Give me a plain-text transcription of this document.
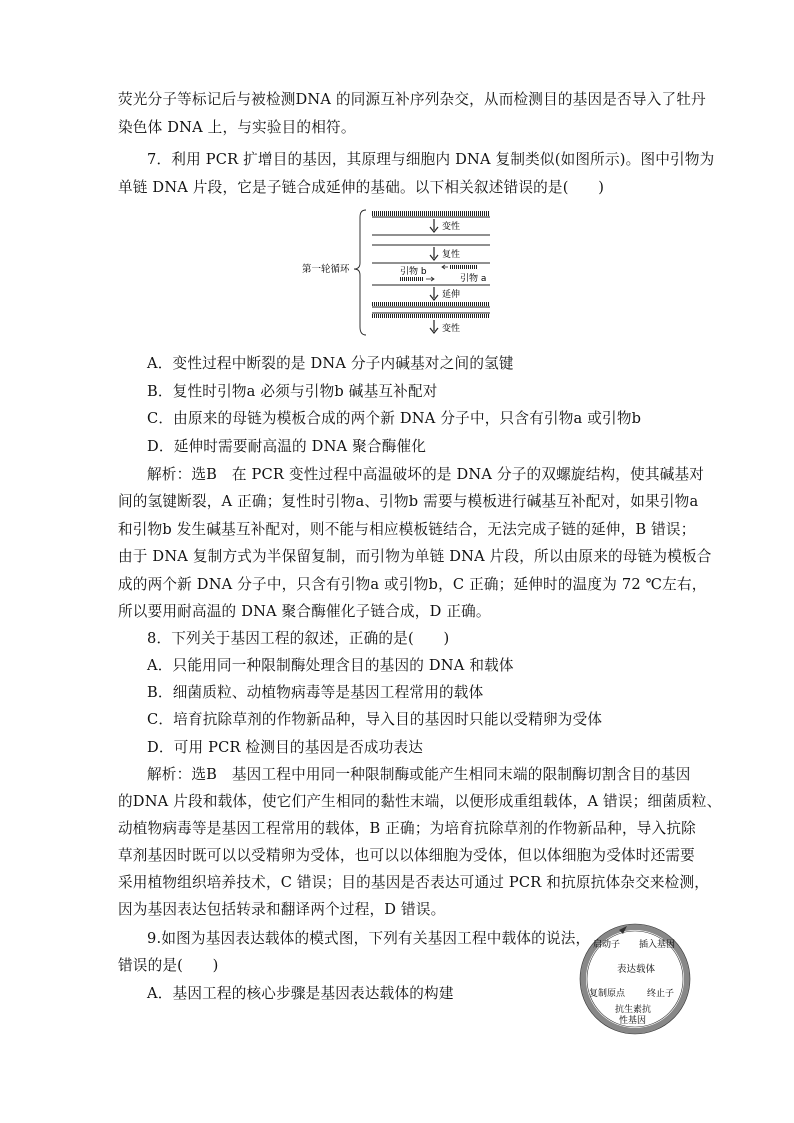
荧光分子等标记后与被检测DNA 的同源互补序列杂交，从而检测目的基因是否导入了牡丹
染色体 DNA 上，与实验目的相符。
7．利用 PCR 扩增目的基因，其原理与细胞内 DNA 复制类似(如图所示)。图中引物为
单链 DNA 片段，它是子链合成延伸的基础。以下相关叙述错误的是(　　)
第一轮循环
变性
复性
引物 b
引物 a
延伸
变性
A．变性过程中断裂的是 DNA 分子内碱基对之间的氢键
B．复性时引物a 必须与引物b 碱基互补配对
C．由原来的母链为模板合成的两个新 DNA 分子中，只含有引物a 或引物b
D．延伸时需要耐高温的 DNA 聚合酶催化
解析：选B　在 PCR 变性过程中高温破坏的是 DNA 分子的双螺旋结构，使其碱基对
间的氢键断裂，A 正确；复性时引物a、引物b 需要与模板进行碱基互补配对，如果引物a
和引物b 发生碱基互补配对，则不能与相应模板链结合，无法完成子链的延伸，B 错误；
由于 DNA 复制方式为半保留复制，而引物为单链 DNA 片段，所以由原来的母链为模板合
成的两个新 DNA 分子中，只含有引物a 或引物b，C 正确；延伸时的温度为 72 ℃左右，
所以要用耐高温的 DNA 聚合酶催化子链合成，D 正确。
8．下列关于基因工程的叙述，正确的是(　　)
A．只能用同一种限制酶处理含目的基因的 DNA 和载体
B．细菌质粒、动植物病毒等是基因工程常用的载体
C．培育抗除草剂的作物新品种，导入目的基因时只能以受精卵为受体
D．可用 PCR 检测目的基因是否成功表达
解析：选B　基因工程中用同一种限制酶或能产生相同末端的限制酶切割含目的基因
的DNA 片段和载体，使它们产生相同的黏性末端，以便形成重组载体，A 错误；细菌质粒、
动植物病毒等是基因工程常用的载体，B 正确；为培育抗除草剂的作物新品种，导入抗除
草剂基因时既可以以受精卵为受体，也可以以体细胞为受体，但以体细胞为受体时还需要
采用植物组织培养技术，C 错误；目的基因是否表达可通过 PCR 和抗原抗体杂交来检测，
因为基因表达包括转录和翻译两个过程，D 错误。
9.如图为基因表达载体的模式图，下列有关基因工程中载体的说法，
错误的是(　　)
A．基因工程的核心步骤是基因表达载体的构建
启动子 插入基因
表达载体
复制原点 终止子
抗生素抗
性基因
